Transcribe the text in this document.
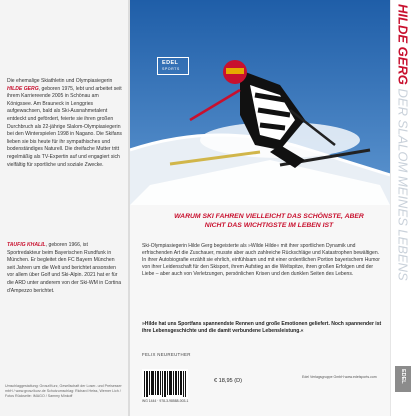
Die ehemalige Skiathletin und Olympiasiegerin HILDE GERG, geboren 1975, lebt und arbeitet seit ihrem Karriereende 2005 in Schönau am Königssee. Am Brauneck in Lenggries aufgewachsen, bald als Ski-Ausnahmetalent entdeckt und gefördert, feierte sie ihren großen Durchbruch als 22-jährige Slalom-Olympiasiegerin bei den Winterspielen 1998 in Nagano. Die Skifans lieben sie bis heute für ihr sympathisches und bodenständiges Naturell. Die dreifache Mutter tritt regelmäßig als TV-Expertin auf und engagiert sich vielfältig für sportliche und soziale Zwecke.

TAUFIG KHALIL, geboren 1966, ist Sportredakteur beim Bayerischen Rundfunk in München. Er begleitet den FC Bayern München seit Jahren um die Welt und berichtet ansonsten vor allem über Golf und Ski-Alpin. 2021 hat er für die ARD unter anderem von der Ski-WM in Cortina d'Ampezzo berichtet.

Umschlaggestaltung: Grosz/Kurz, Gesellschaft der Loser- und Preisesser mbH / www.grosz/kurz.de Schutzumschlag: Richard Heiss, Werner Lich / Fotos Rückseite: IMAGO / Sammy Minkoff

EDEL
SPORTS

WARUM SKI FAHREN VIELLEICHT DAS SCHÖNSTE, ABER NICHT DAS WICHTIGSTE IM LEBEN IST

Ski-Olympiasiegerin Hilde Gerg begeisterte als »Wilde Hilde« mit ihrer sportlichen Dynamik und erfrischenden Art die Zuschauer, musste aber auch zahlreiche Rückschläge und Katastrophen bewältigen. In ihrer Autobiografie erzählt sie ehrlich, einfühlsam und mit einer ordentlichen Portion bayerischem Humor von ihrer Leidenschaft für den Skisport, ihrem Aufstieg an die Weltspitze, ihren großen Erfolgen und der Liebe – aber auch von Verletzungen, persönlichen Krisen und den dunklen Seiten des Lebens.

»Hilde hat uns Sportfans spannendste Rennen und große Emotionen geliefert. Noch spannender ist ihre Lebensgeschichte und die damit verbundene Lebensleistung.«

FELIX NEUREUTHER

WG 1444 · 978-3-98588-003-1

€ 18,95 (D)

Edel Verlagsgruppe GmbH www.edelsports.com

HILDE GERG DER SLALOM MEINES LEBENS
EDEL
